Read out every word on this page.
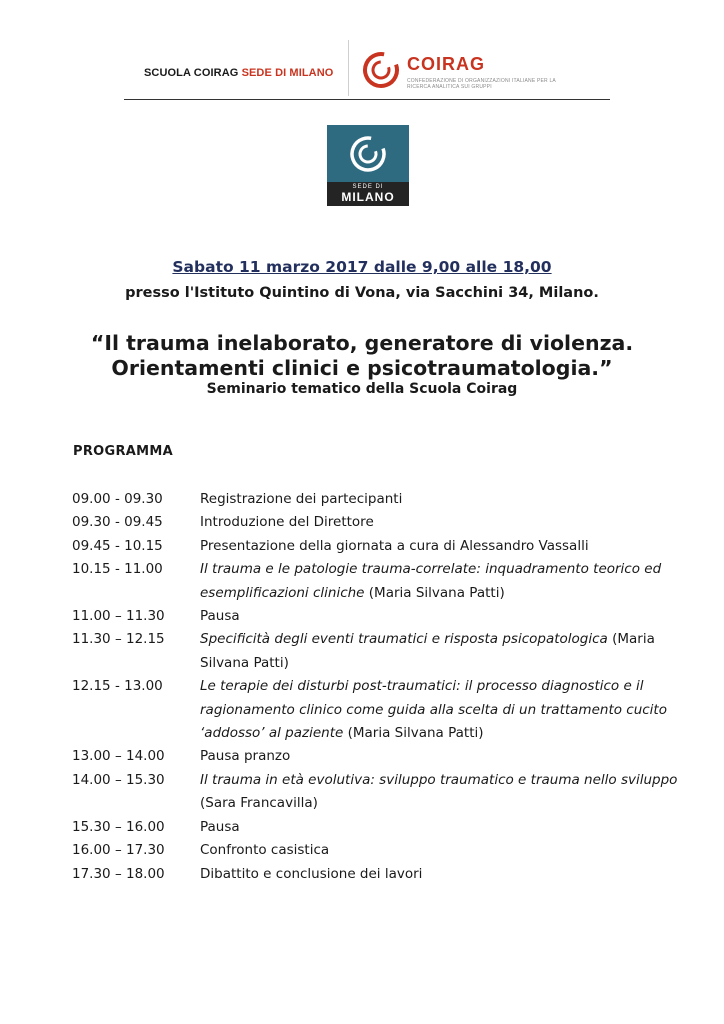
SCUOLA COIRAG SEDE DI MILANO	COIRAG
CONFEDERAZIONE DI ORGANIZZAZIONI ITALIANE PER LA RICERCA ANALITICA SUI GRUPPI
SEDE DI
MILANO
Sabato 11 marzo 2017 dalle 9,00 alle 18,00
presso l'Istituto Quintino di Vona, via Sacchini 34, Milano.
“Il trauma inelaborato, generatore di violenza.
Orientamenti clinici e psicotraumatologia.”
Seminario tematico della Scuola Coirag
PROGRAMMA
09.00 - 09.30	Registrazione dei partecipanti
09.30 - 09.45	Introduzione del Direttore
09.45 - 10.15	Presentazione della giornata a cura di Alessandro Vassalli
10.15 - 11.00	Il trauma e le patologie trauma-correlate: inquadramento teorico ed esemplificazioni cliniche (Maria Silvana Patti)
11.00 – 11.30	Pausa
11.30 – 12.15	Specificità degli eventi traumatici e risposta psicopatologica (Maria Silvana Patti)
12.15 - 13.00	Le terapie dei disturbi post-traumatici: il processo diagnostico e il ragionamento clinico come guida alla scelta di un trattamento cucito ‘addosso’ al paziente (Maria Silvana Patti)
13.00 – 14.00	Pausa pranzo
14.00 – 15.30	Il trauma in età evolutiva: sviluppo traumatico e trauma nello sviluppo (Sara Francavilla)
15.30 – 16.00	Pausa
16.00 – 17.30	Confronto casistica
17.30 – 18.00	Dibattito e conclusione dei lavori
